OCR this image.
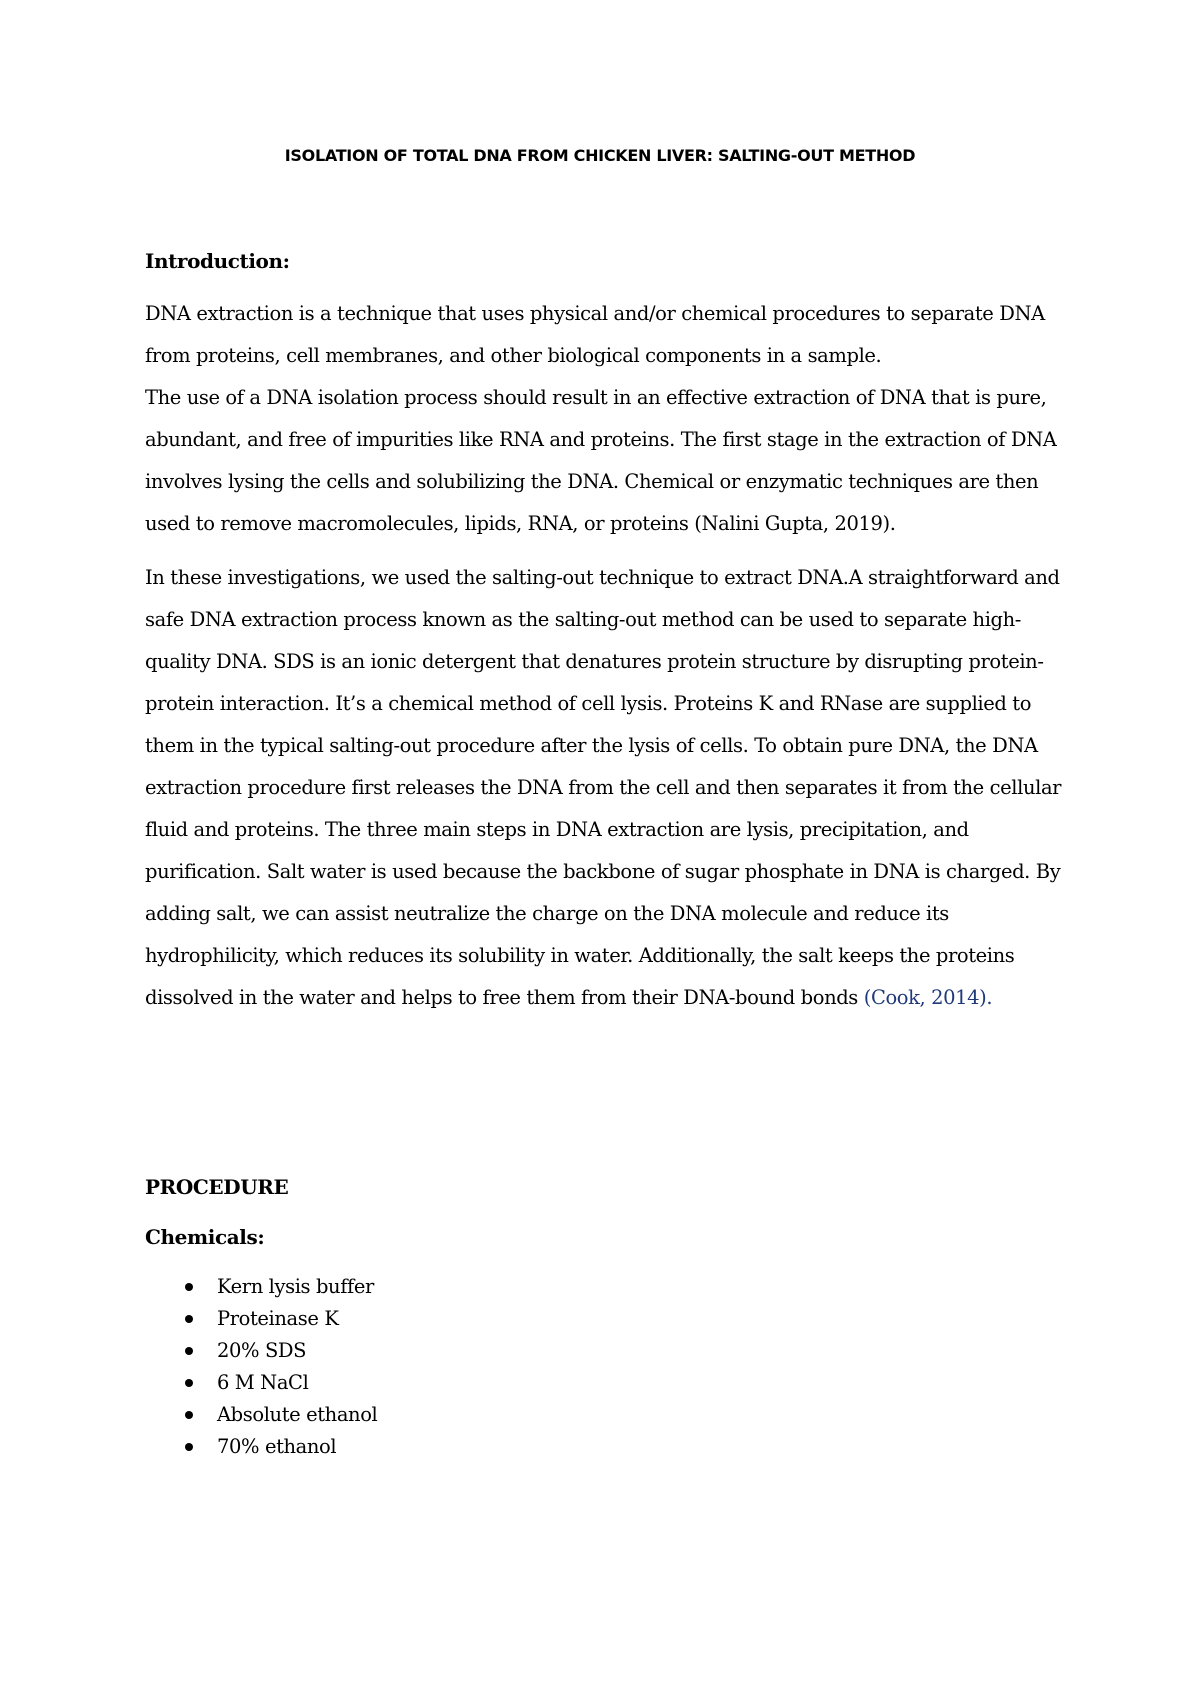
ISOLATION OF TOTAL DNA FROM CHICKEN LIVER: SALTING-OUT METHOD

Introduction:

DNA extraction is a technique that uses physical and/or chemical procedures to separate DNA from proteins, cell membranes, and other biological components in a sample.

The use of a DNA isolation process should result in an effective extraction of DNA that is pure, abundant, and free of impurities like RNA and proteins. The first stage in the extraction of DNA involves lysing the cells and solubilizing the DNA. Chemical or enzymatic techniques are then used to remove macromolecules, lipids, RNA, or proteins (Nalini Gupta, 2019).

In these investigations, we used the salting-out technique to extract DNA.A straightforward and safe DNA extraction process known as the salting-out method can be used to separate high-quality DNA. SDS is an ionic detergent that denatures protein structure by disrupting protein-protein interaction. It’s a chemical method of cell lysis. Proteins K and RNase are supplied to them in the typical salting-out procedure after the lysis of cells. To obtain pure DNA, the DNA extraction procedure first releases the DNA from the cell and then separates it from the cellular fluid and proteins. The three main steps in DNA extraction are lysis, precipitation, and purification. Salt water is used because the backbone of sugar phosphate in DNA is charged. By adding salt, we can assist neutralize the charge on the DNA molecule and reduce its hydrophilicity, which reduces its solubility in water. Additionally, the salt keeps the proteins dissolved in the water and helps to free them from their DNA-bound bonds (Cook, 2014).

PROCEDURE

Chemicals:

Kern lysis buffer
Proteinase K
20% SDS
6 M NaCl
Absolute ethanol
70% ethanol
